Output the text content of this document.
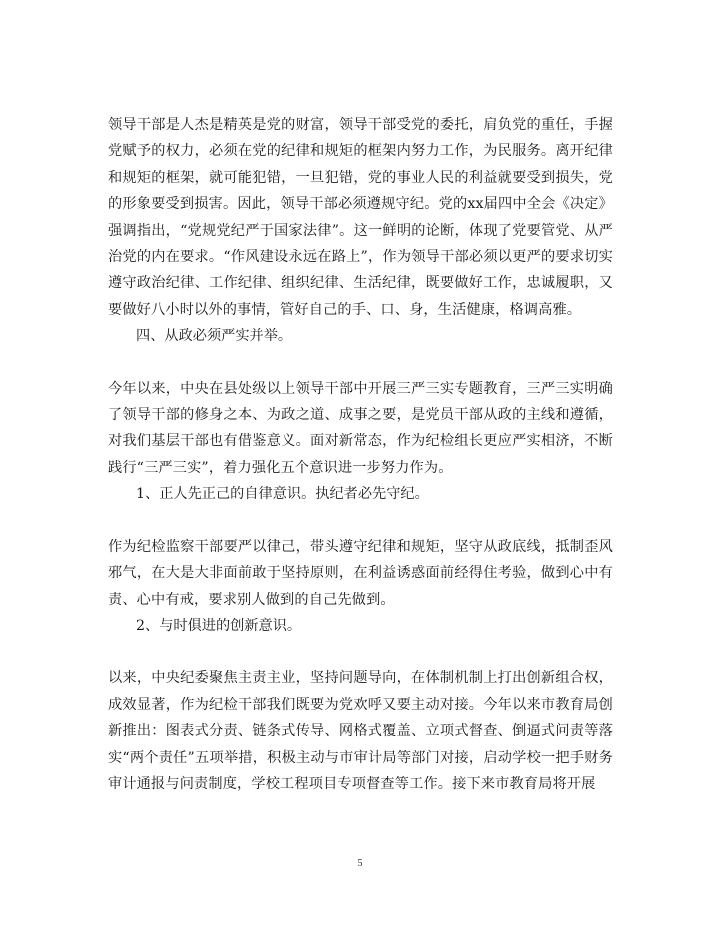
领导干部是人杰是精英是党的财富，领导干部受党的委托，肩负党的重任，手握党赋予的权力，必须在党的纪律和规矩的框架内努力工作，为民服务。离开纪律和规矩的框架，就可能犯错，一旦犯错，党的事业人民的利益就要受到损失，党的形象要受到损害。因此，领导干部必须遵规守纪。党的xx届四中全会《决定》强调指出，“党规党纪严于国家法律”。这一鲜明的论断，体现了党要管党、从严治党的内在要求。“作风建设永远在路上”，作为领导干部必须以更严的要求切实遵守政治纪律、工作纪律、组织纪律、生活纪律，既要做好工作，忠诚履职，又要做好八小时以外的事情，管好自己的手、口、身，生活健康，格调高雅。

四、从政必须严实并举。

今年以来，中央在县处级以上领导干部中开展三严三实专题教育，三严三实明确了领导干部的修身之本、为政之道、成事之要，是党员干部从政的主线和遵循，对我们基层干部也有借鉴意义。面对新常态，作为纪检组长更应严实相济，不断践行“三严三实”，着力强化五个意识进一步努力作为。

1、正人先正己的自律意识。执纪者必先守纪。

作为纪检监察干部要严以律己，带头遵守纪律和规矩，坚守从政底线，抵制歪风邪气，在大是大非面前敢于坚持原则，在利益诱惑面前经得住考验，做到心中有责、心中有戒，要求别人做到的自己先做到。

2、与时俱进的创新意识。

以来，中央纪委聚焦主责主业，坚持问题导向，在体制机制上打出创新组合权，成效显著，作为纪检干部我们既要为党欢呼又要主动对接。今年以来市教育局创新推出：图表式分责、链条式传导、网格式覆盖、立项式督查、倒逼式问责等落实“两个责任”五项举措，积极主动与市审计局等部门对接，启动学校一把手财务审计通报与问责制度，学校工程项目专项督查等工作。接下来市教育局将开展

5
